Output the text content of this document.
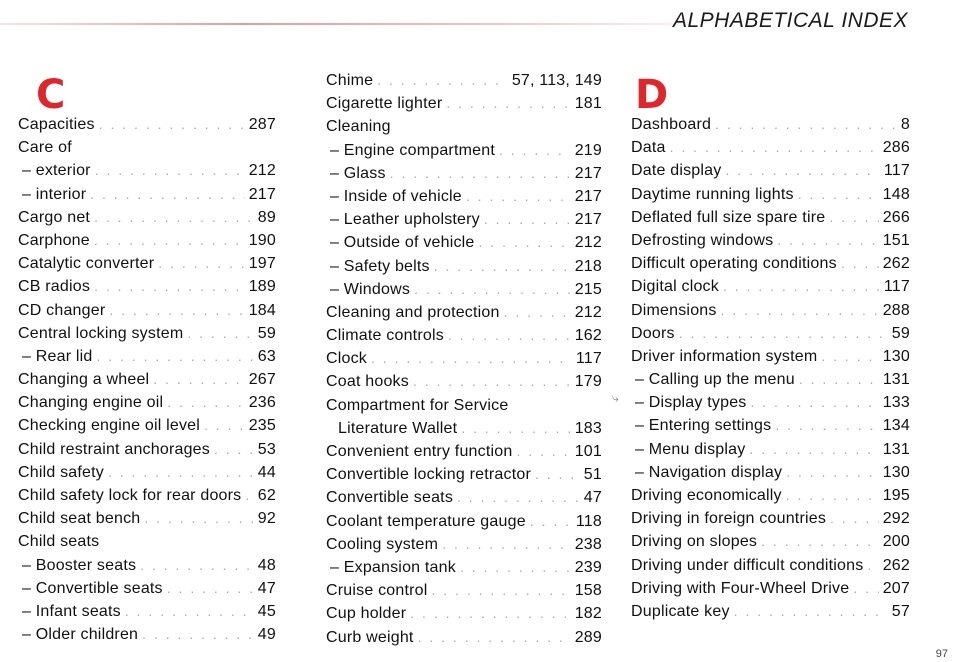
ALPHABETICAL INDEX
C	D
Capacities . . .	287
Care of
– exterior . . .	212
– interior . . .	217
Cargo net . . .	89
Carphone . . .	190
Catalytic converter . . .	197
CB radios . . .	189
CD changer . . .	184
Central locking system . . .	59
– Rear lid . . .	63
Changing a wheel . . .	267
Changing engine oil . . .	236
Checking engine oil level . . .	235
Child restraint anchorages . . .	53
Child safety . . .	44
Child safety lock for rear doors . . . 62
Child seat bench . . .	92
Child seats
– Booster seats . . .	48
– Convertible seats . . .	47
– Infant seats . . .	45
– Older children . . .	49
Chime . . .	57, 113, 149
Cigarette lighter . . .	181
Cleaning
– Engine compartment . . .	219
– Glass . . .	217
– Inside of vehicle . . .	217
– Leather upholstery . . .	217
– Outside of vehicle . . .	212
– Safety belts . . .	218
– Windows . . .	215
Cleaning and protection . . .	212
Climate controls . . .	162
Clock . . .	117
Coat hooks . . .	179
Compartment for Service
Literature Wallet . . .	183
Convenient entry function . . .	101
Convertible locking retractor . . .	51
Convertible seats . . .	47
Coolant temperature gauge . . .	118
Cooling system . . .	238
– Expansion tank . . .	239
Cruise control . . .	158
Cup holder . . .	182
Curb weight . . .	289
Dashboard . . .	8
Data . . .	286
Date display . . .	117
Daytime running lights . . .	148
Deflated full size spare tire . . .	266
Defrosting windows . . .	151
Difficult operating conditions . . .	262
Digital clock . . .	117
Dimensions . . .	288
Doors . . .	59
Driver information system . . .	130
– Calling up the menu . . .	131
– Display types . . .	133
– Entering settings . . .	134
– Menu display . . .	131
– Navigation display . . .	130
Driving economically . . .	195
Driving in foreign countries . . .	292
Driving on slopes . . .	200
Driving under difficult conditions . . . 262
Driving with Four-Wheel Drive . . . 207
Duplicate key . . .	57
⤷
97
